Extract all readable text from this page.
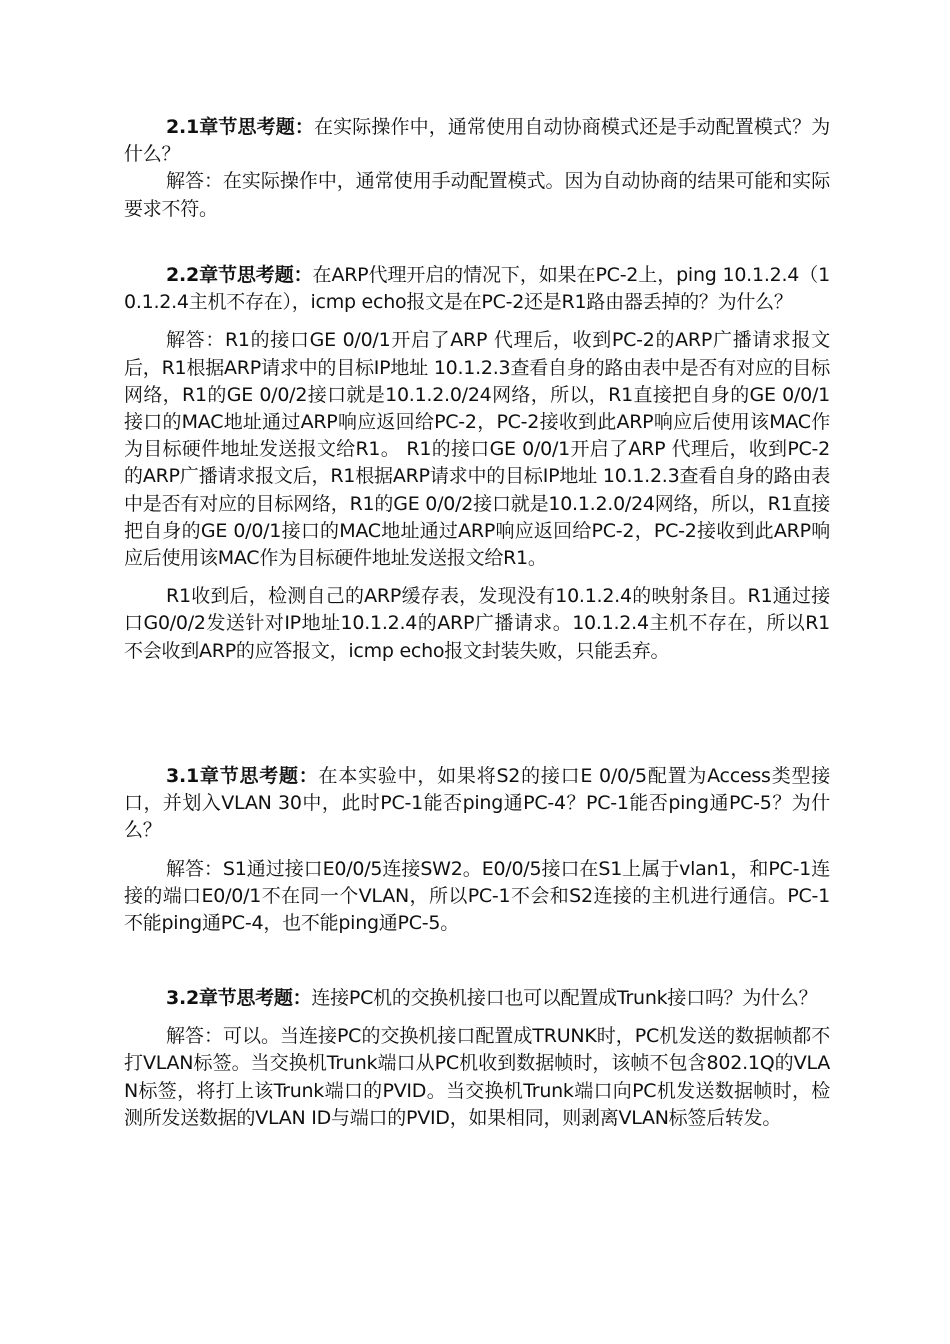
2.1章节思考题：在实际操作中，通常使用自动协商模式还是手动配置模式？为什么？

解答：在实际操作中，通常使用手动配置模式。因为自动协商的结果可能和实际要求不符。

2.2章节思考题：在ARP代理开启的情况下，如果在PC-2上，ping 10.1.2.4（10.1.2.4主机不存在），icmp echo报文是在PC-2还是R1路由器丢掉的？为什么？

解答：R1的接口GE 0/0/1开启了ARP 代理后，收到PC-2的ARP广播请求报文后，R1根据ARP请求中的目标IP地址 10.1.2.3查看自身的路由表中是否有对应的目标网络，R1的GE 0/0/2接口就是10.1.2.0/24网络，所以，R1直接把自身的GE 0/0/1接口的MAC地址通过ARP响应返回给PC-2，PC-2接收到此ARP响应后使用该MAC作为目标硬件地址发送报文给R1。 R1的接口GE 0/0/1开启了ARP 代理后，收到PC-2的ARP广播请求报文后，R1根据ARP请求中的目标IP地址 10.1.2.3查看自身的路由表中是否有对应的目标网络，R1的GE 0/0/2接口就是10.1.2.0/24网络，所以，R1直接把自身的GE 0/0/1接口的MAC地址通过ARP响应返回给PC-2，PC-2接收到此ARP响应后使用该MAC作为目标硬件地址发送报文给R1。

R1收到后，检测自己的ARP缓存表，发现没有10.1.2.4的映射条目。R1通过接口G0/0/2发送针对IP地址10.1.2.4的ARP广播请求。10.1.2.4主机不存在，所以R1不会收到ARP的应答报文，icmp echo报文封装失败，只能丢弃。

3.1章节思考题：在本实验中，如果将S2的接口E 0/0/5配置为Access类型接口，并划入VLAN 30中，此时PC-1能否ping通PC-4？PC-1能否ping通PC-5？为什么？

解答：S1通过接口E0/0/5连接SW2。E0/0/5接口在S1上属于vlan1，和PC-1连接的端口E0/0/1不在同一个VLAN，所以PC-1不会和S2连接的主机进行通信。PC-1不能ping通PC-4，也不能ping通PC-5。

3.2章节思考题：连接PC机的交换机接口也可以配置成Trunk接口吗？为什么？

解答：可以。当连接PC的交换机接口配置成TRUNK时，PC机发送的数据帧都不打VLAN标签。当交换机Trunk端口从PC机收到数据帧时，该帧不包含802.1Q的VLAN标签，将打上该Trunk端口的PVID。当交换机Trunk端口向PC机发送数据帧时，检测所发送数据的VLAN ID与端口的PVID，如果相同，则剥离VLAN标签后转发。
